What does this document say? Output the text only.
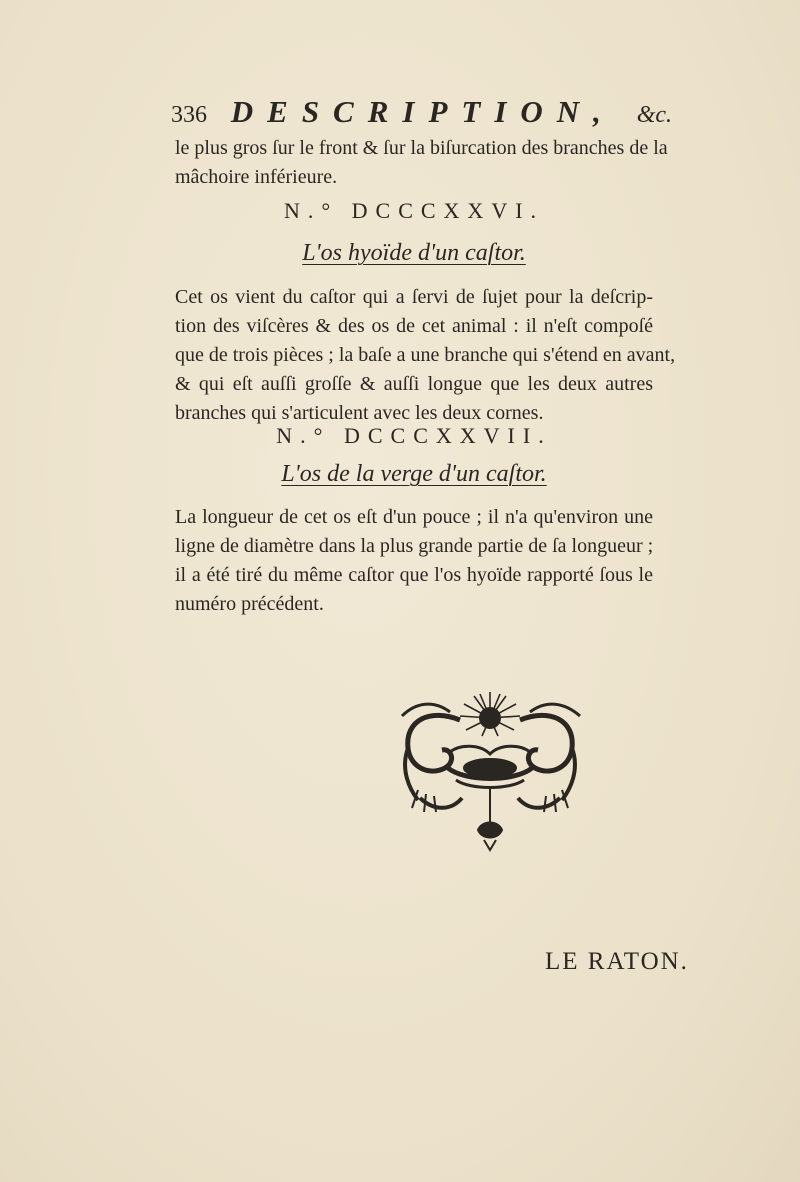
336 DESCRIPTION, &c.

le plus gros ſur le front & ſur la biſurcation des branches de la
mâchoire inférieure.

N.° DCCCXXVI.

L'os hyoïde d'un caſtor.

Cet os vient du caſtor qui a ſervi de ſujet pour la deſcrip-
tion des viſcères & des os de cet animal : il n'eſt compoſé
que de trois pièces ; la baſe a une branche qui s'étend en avant,
& qui eſt auſſi groſſe & auſſi longue que les deux autres
branches qui s'articulent avec les deux cornes.

N.° DCCCXXVII.

L'os de la verge d'un caſtor.

La longueur de cet os eſt d'un pouce ; il n'a qu'environ une
ligne de diamètre dans la plus grande partie de ſa longueur ;
il a été tiré du même caſtor que l'os hyoïde rapporté ſous le
numéro précédent.

LE RATON.
